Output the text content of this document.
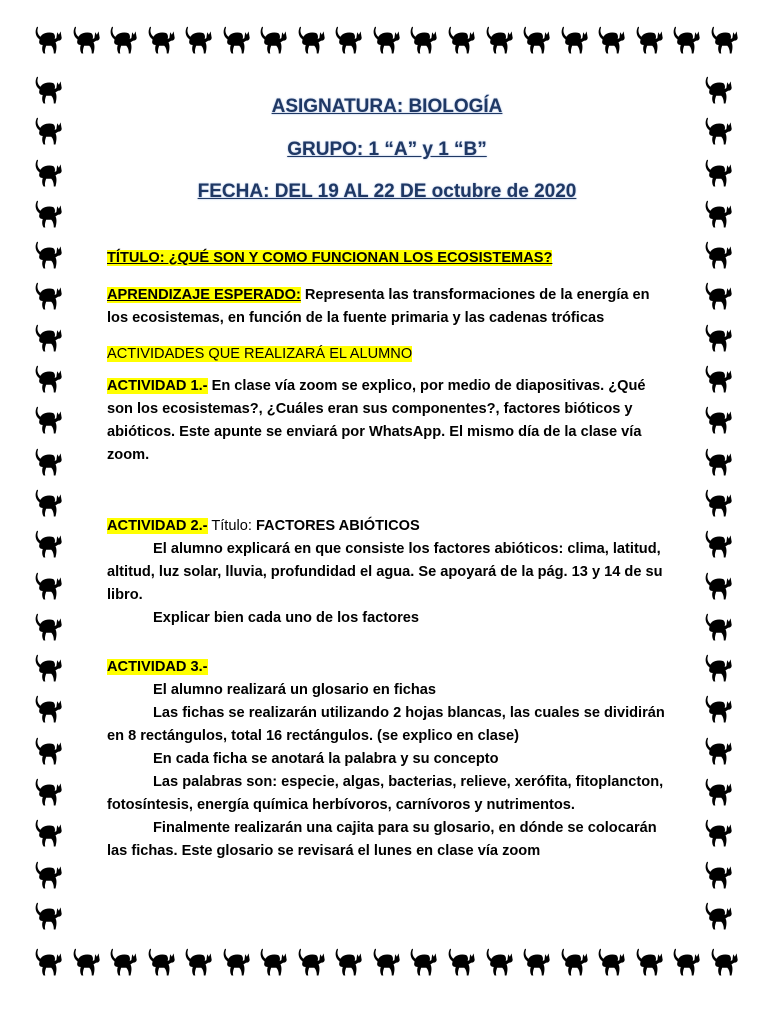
ASIGNATURA: BIOLOGÍA
GRUPO: 1 “A” y 1 “B”
FECHA: DEL 19 AL 22 DE octubre de 2020
TÍTULO: ¿QUÉ SON Y COMO FUNCIONAN LOS ECOSISTEMAS?
APRENDIZAJE ESPERADO: Representa las transformaciones de la energía en los ecosistemas, en función de la fuente primaria y las cadenas tróficas
ACTIVIDADES QUE REALIZARÁ EL ALUMNO
ACTIVIDAD 1.- En clase vía zoom se explico, por medio de diapositivas. ¿Qué son los ecosistemas?, ¿Cuáles eran sus componentes?, factores bióticos y abióticos. Este apunte se enviará por WhatsApp. El mismo día de la clase vía zoom.
ACTIVIDAD 2.- Título: FACTORES ABIÓTICOS
El alumno explicará en que consiste los factores abióticos: clima, latitud, altitud, luz solar, lluvia, profundidad el agua. Se apoyará de la pág. 13 y 14 de su libro.
Explicar bien cada uno de los factores
ACTIVIDAD 3.-
El alumno realizará un glosario en fichas
Las fichas se realizarán utilizando 2 hojas blancas, las cuales se dividirán en 8 rectángulos, total 16 rectángulos. (se explico en clase)
En cada ficha se anotará la palabra y su concepto
Las palabras son: especie, algas, bacterias, relieve, xerófita, fitoplancton, fotosíntesis, energía química herbívoros, carnívoros y nutrimentos.
Finalmente realizarán una cajita para su glosario, en dónde se colocarán las fichas. Este glosario se revisará el lunes en clase vía zoom
